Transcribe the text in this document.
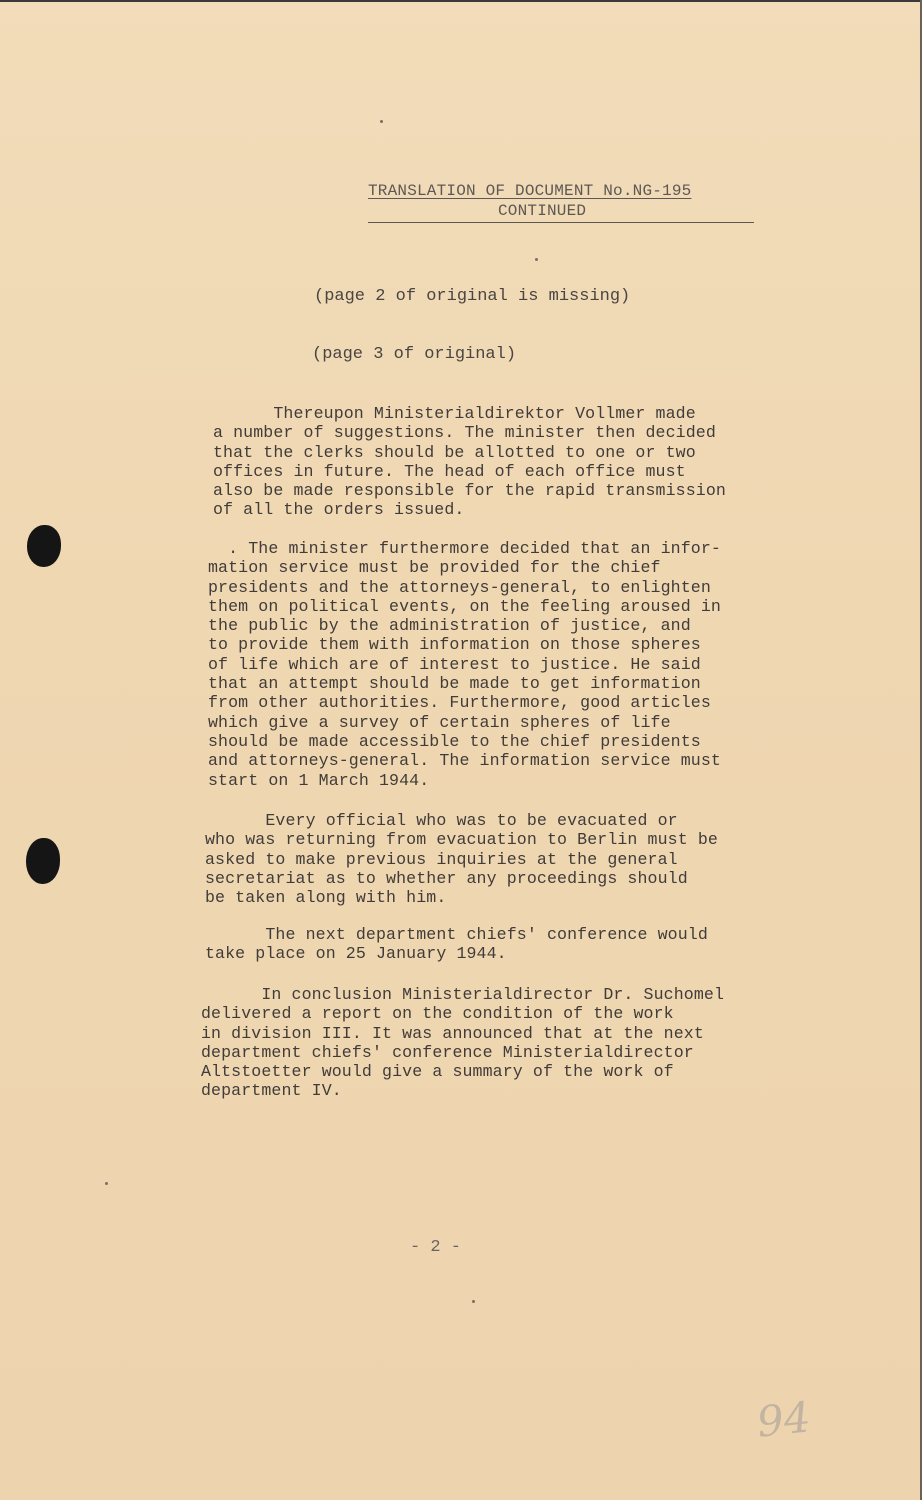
TRANSLATION OF DOCUMENT No.NG-195
CONTINUED
(page 2 of original is missing)
(page 3 of original)
Thereupon Ministerialdirektor Vollmer made
a number of suggestions. The minister then decided
that the clerks should be allotted to one or two
offices in future. The head of each office must
also be made responsible for the rapid transmission
of all the orders issued.
. The minister furthermore decided that an infor-
mation service must be provided for the chief
presidents and the attorneys-general, to enlighten
them on political events, on the feeling aroused in
the public by the administration of justice, and
to provide them with information on those spheres
of life which are of interest to justice. He said
that an attempt should be made to get information
from other authorities. Furthermore, good articles
which give a survey of certain spheres of life
should be made accessible to the chief presidents
and attorneys-general. The information service must
start on 1 March 1944.
Every official who was to be evacuated or
who was returning from evacuation to Berlin must be
asked to make previous inquiries at the general
secretariat as to whether any proceedings should
be taken along with him.
The next department chiefs' conference would
take place on 25 January 1944.
In conclusion Ministerialdirector Dr. Suchomel
delivered a report on the condition of the work
in division III. It was announced that at the next
department chiefs' conference Ministerialdirector
Altstoetter would give a summary of the work of
department IV.
- 2 -
94
